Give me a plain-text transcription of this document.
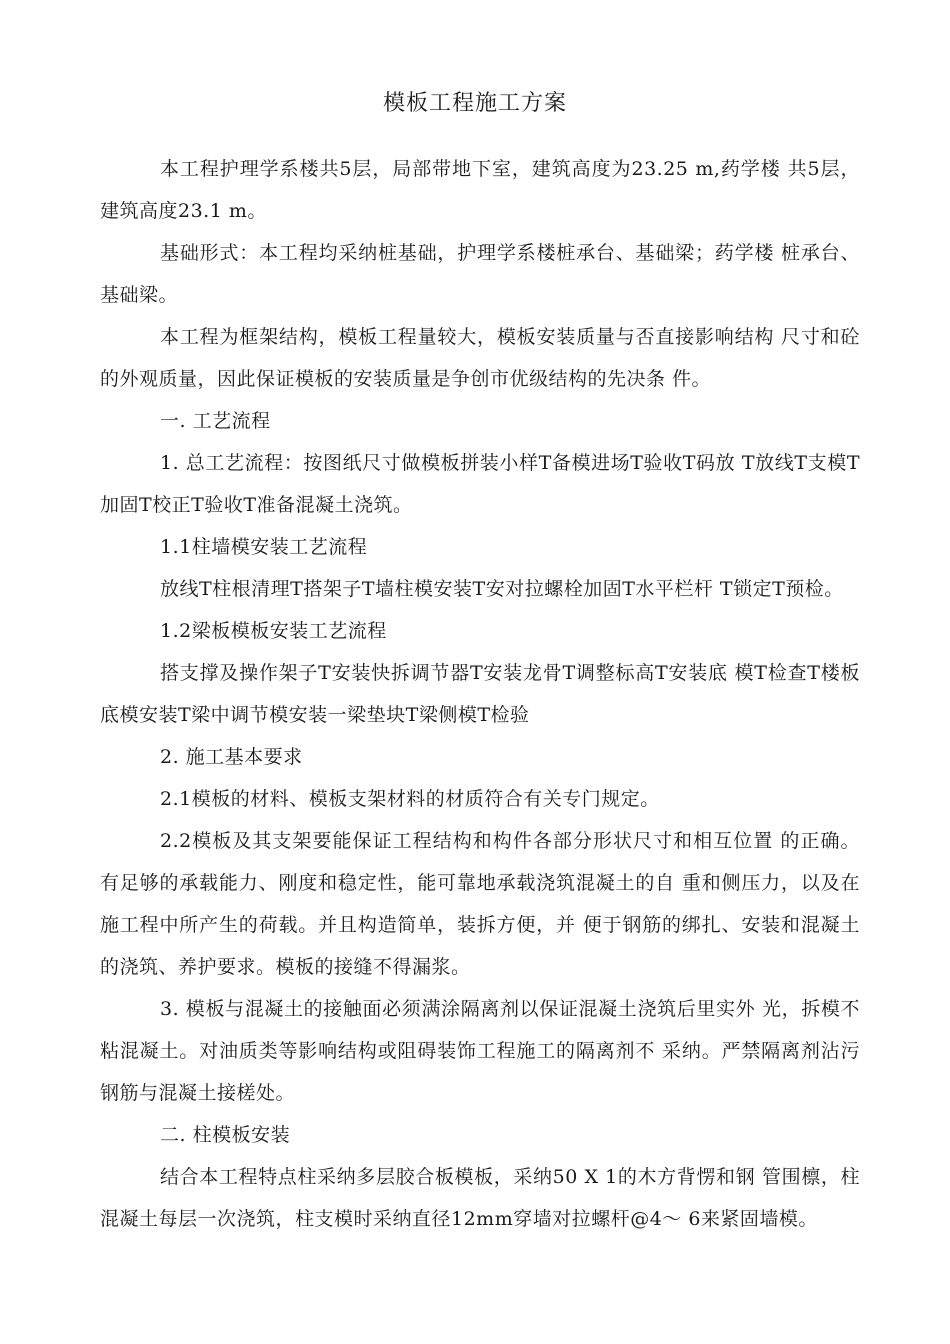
模板工程施工方案

本工程护理学系楼共5层，局部带地下室，建筑高度为23.25 m,药学楼 共5层，建筑高度23.1 m。

基础形式：本工程均采纳桩基础，护理学系楼桩承台、基础梁；药学楼 桩承台、基础梁。

本工程为框架结构，模板工程量较大，模板安装质量与否直接影响结构 尺寸和砼的外观质量，因此保证模板的安装质量是争创市优级结构的先决条 件。

一. 工艺流程

1. 总工艺流程：按图纸尺寸做模板拼装小样T备模进场T验收T码放 T放线T支模T加固T校正T验收T准备混凝土浇筑。

1.1柱墙模安装工艺流程

放线T柱根清理T搭架子T墙柱模安装T安对拉螺栓加固T水平栏杆 T锁定T预检。

1.2梁板模板安装工艺流程

搭支撑及操作架子T安装快拆调节器T安装龙骨T调整标高T安装底 模T检查T楼板底模安装T梁中调节模安装一梁垫块T梁侧模T检验

2. 施工基本要求

2.1模板的材料、模板支架材料的材质符合有关专门规定。

2.2模板及其支架要能保证工程结构和构件各部分形状尺寸和相互位置 的正确。有足够的承载能力、刚度和稳定性，能可靠地承载浇筑混凝土的自 重和侧压力，以及在施工程中所产生的荷载。并且构造简单，装拆方便，并 便于钢筋的绑扎、安装和混凝土的浇筑、养护要求。模板的接缝不得漏浆。

3. 模板与混凝土的接触面必须满涂隔离剂以保证混凝土浇筑后里实外 光，拆模不粘混凝土。对油质类等影响结构或阻碍装饰工程施工的隔离剂不 采纳。严禁隔离剂沾污钢筋与混凝土接槎处。

二. 柱模板安装

结合本工程特点柱采纳多层胶合板模板，采纳50 X 1的木方背愣和钢 管围檩，柱混凝土每层一次浇筑，柱支模时采纳直径12mm穿墙对拉螺杆@4〜 6来紧固墙模。
